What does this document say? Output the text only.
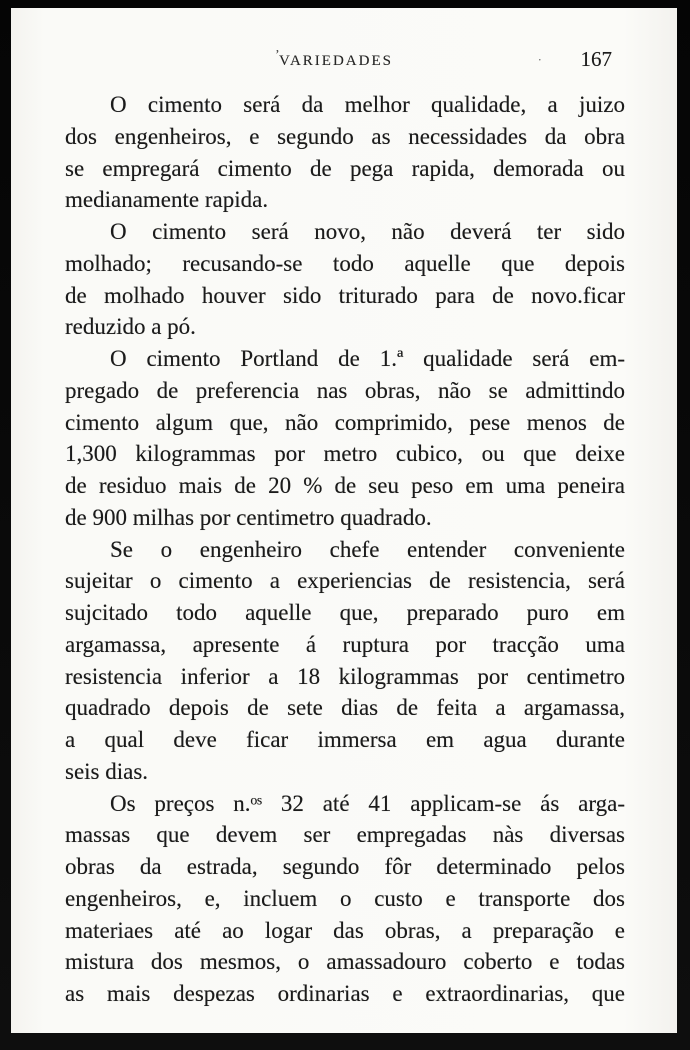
ʼ VARIEDADES	· 167
O cimento será da melhor qualidade, a juizo
dos engenheiros, e segundo as necessidades da obra
se empregará cimento de pega rapida, demorada ou
medianamente rapida.
O cimento será novo, não deverá ter sido
molhado; recusando-se todo aquelle que depois
de molhado houver sido triturado para de novo.ficar
reduzido a pó.
O cimento Portland de 1.ª qualidade será em-
pregado de preferencia nas obras, não se admittindo
cimento algum que, não comprimido, pese menos de
1,300 kilogrammas por metro cubico, ou que deixe
de residuo mais de 20 % de seu peso em uma peneira
de 900 milhas por centimetro quadrado.
Se o engenheiro chefe entender conveniente
sujeitar o cimento a experiencias de resistencia, será
sujcitado todo aquelle que, preparado puro em
argamassa, apresente á ruptura por tracção uma
resistencia inferior a 18 kilogrammas por centimetro
quadrado depois de sete dias de feita a argamassa,
a qual deve ficar immersa em agua durante
seis dias.
Os preços n.ᵒˢ 32 até 41 applicam-se ás arga-
massas que devem ser empregadas nàs diversas
obras da estrada, segundo fôr determinado pelos
engenheiros, e, incluem o custo e transporte dos
materiaes até ao logar das obras, a preparação e
mistura dos mesmos, o amassadouro coberto e todas
as mais despezas ordinarias e extraordinarias, que
